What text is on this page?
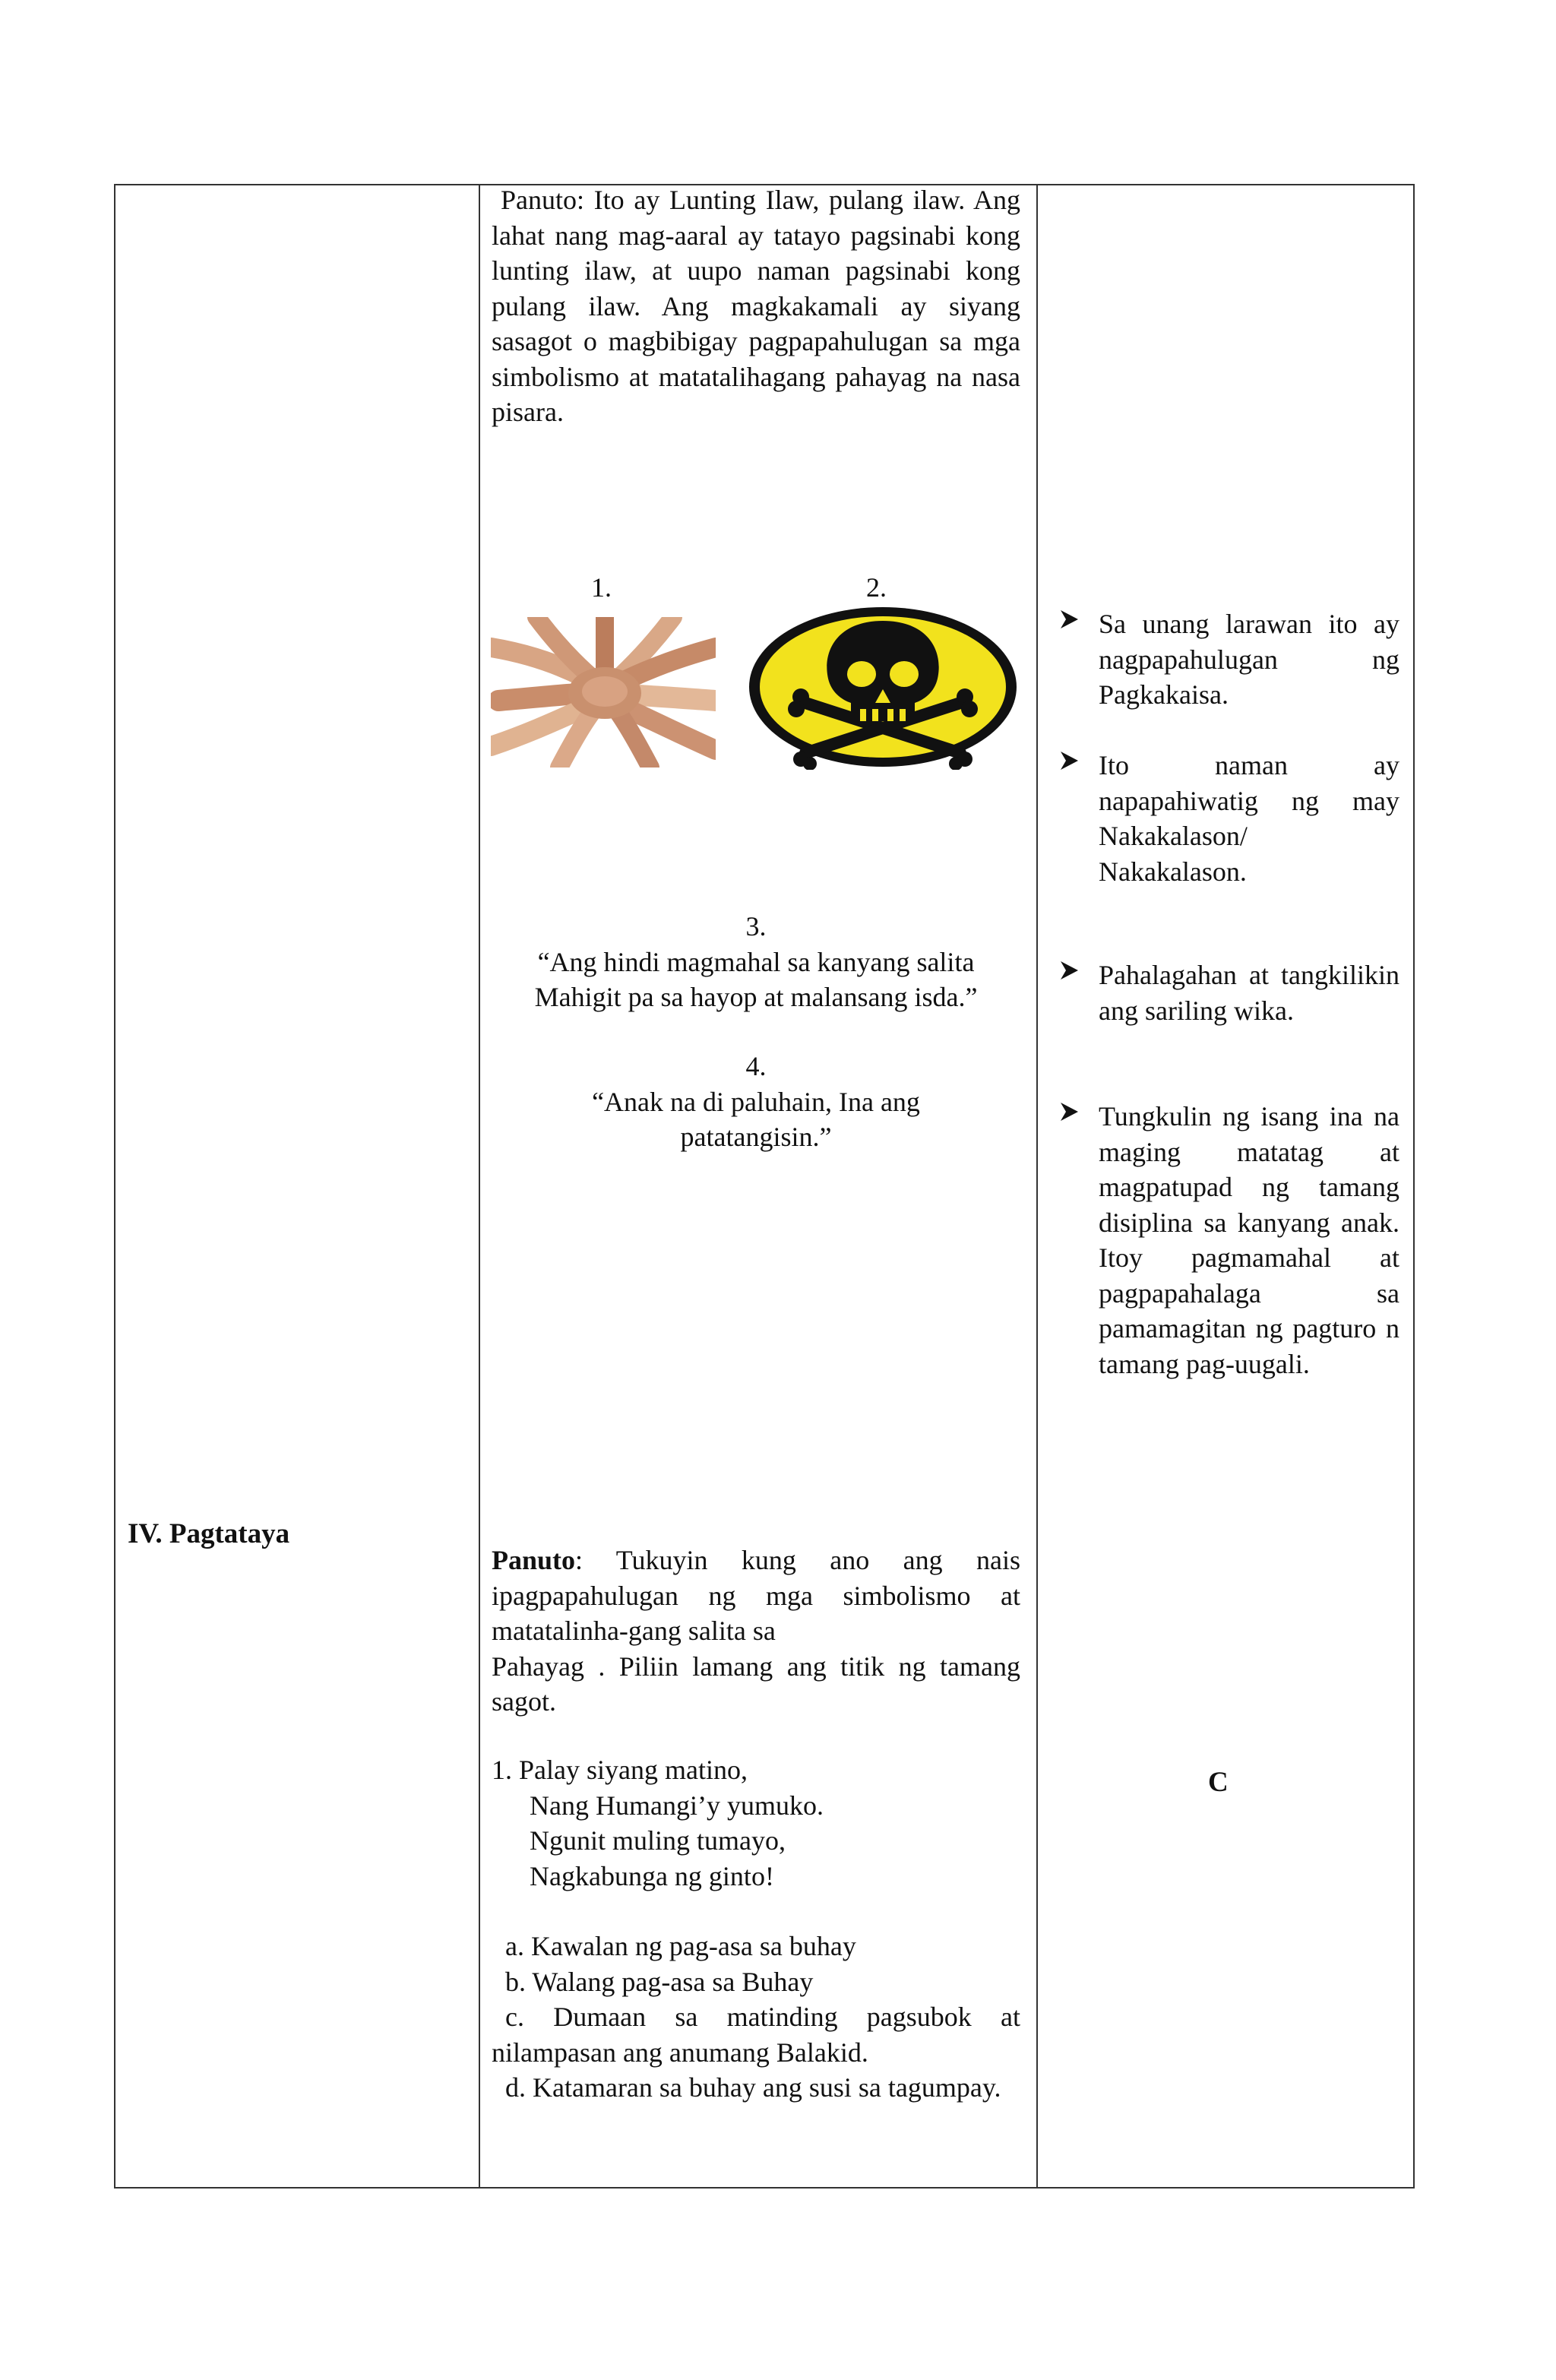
IV. Pagtataya
Panuto: Ito ay Lunting Ilaw, pulang ilaw. Ang lahat nang mag-aaral ay tatayo pagsinabi kong lunting ilaw, at uupo naman pagsinabi kong pulang ilaw. Ang magkakamali ay siyang sasagot o magbibigay pagpapahulugan sa mga simbolismo at matatalihagang pahayag na nasa pisara.
1.	2.
3.
“Ang hindi magmahal sa kanyang salita
Mahigit pa sa hayop at malansang isda.”
4.
“Anak na di paluhain, Ina ang
patatangisin.”
Panuto: Tukuyin kung ano ang nais ipagpapahulugan ng mga simbolismo at matatalinha-gang salita sa
Pahayag . Piliin lamang ang titik ng tamang sagot.
1. Palay siyang matino,
Nang Humangi’y yumuko.
Ngunit muling tumayo,
Nagkabunga ng ginto!
a. Kawalan ng pag-asa sa buhay
b. Walang pag-asa sa Buhay
c. Dumaan sa matinding pagsubok at nilampasan ang anumang Balakid.
d. Katamaran sa buhay ang susi sa tagumpay.
Sa unang larawan ito ay nagpapahulugan ng Pagkakaisa.
Ito naman ay napapahiwatig ng may Nakakalason/ Nakakalason.
Pahalagahan at tangkilikin ang sariling wika.
Tungkulin ng isang ina na maging matatag at magpatupad ng tamang disiplina sa kanyang anak. Itoy pagmamahal at pagpapahalaga sa pamamagitan ng pagturo n tamang pag-uugali.
C
